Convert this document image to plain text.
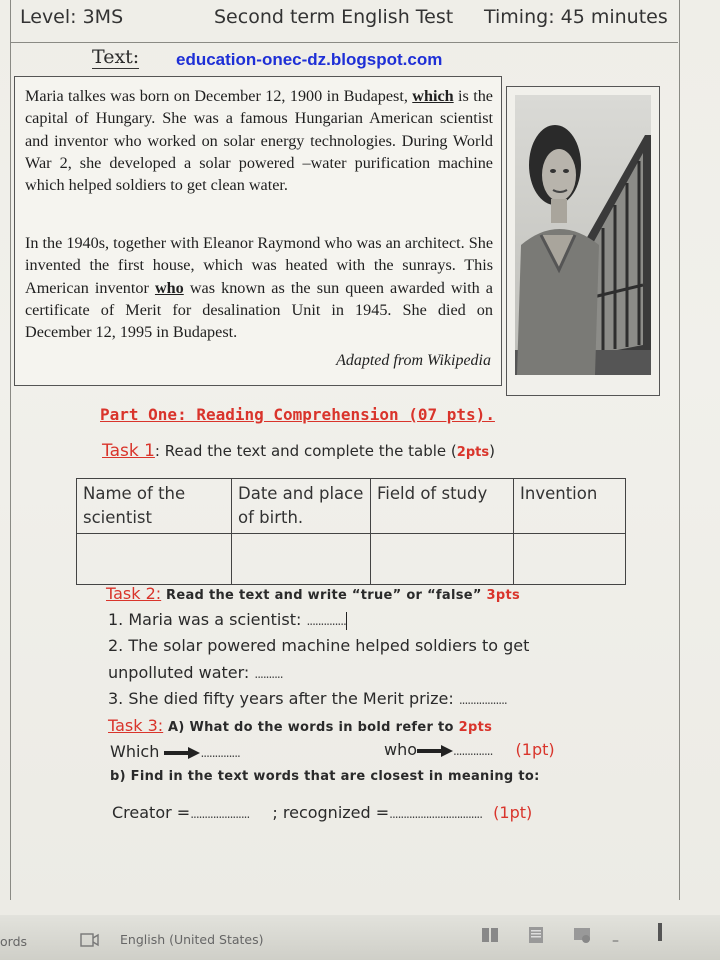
Level: 3MS	Second term English Test Timing: 45 minutes
Text: education-onec-dz.blogspot.com
Maria talkes was born on December 12, 1900 in Budapest, which is the capital of Hungary. She was a famous Hungarian American scientist and inventor who worked on solar energy technologies. During World War 2, she developed a solar powered –water purification machine which helped soldiers to get clean water.
In the 1940s, together with Eleanor Raymond who was an architect. She invented the first house, which was heated with the sunrays. This American inventor who was known as the sun queen awarded with a certificate of Merit for desalination Unit in 1945. She died on December 12, 1995 in Budapest.
Adapted from Wikipedia
Part One: Reading Comprehension (07 pts).
Task 1: Read the text and complete the table (2pts)
Name of the scientist	Date and place of birth.	Field of study	Invention

Task 2: Read the text and write “true” or “false” 3pts
1. Maria was a scientist: ..............
2. The solar powered machine helped soldiers to get
unpolluted water: ..........
3. She died fifty years after the Merit prize: .................
Task 3: A) What do the words in bold refer to 2pts
Which	..............	who	.............. (1pt)
b) Find in the text words that are closest in meaning to:
Creator =..................... ; recognized =................................. (1pt)
ords	English (United States)	–
